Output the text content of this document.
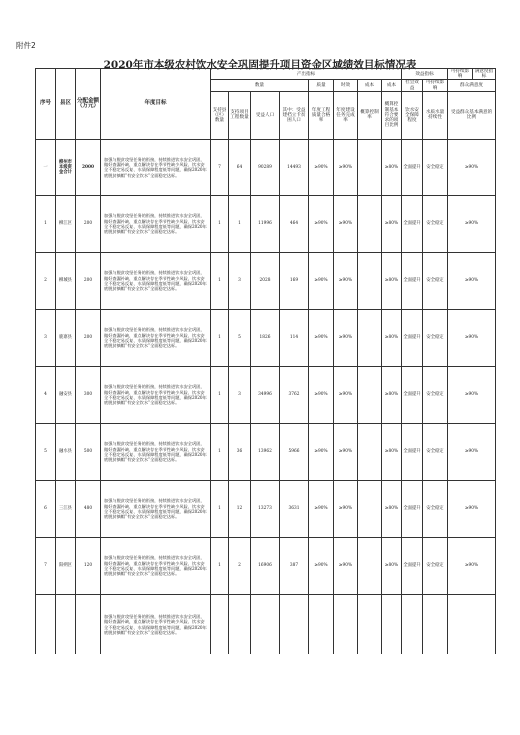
附件2
2020年市本级农村饮水安全巩固提升项目资金区域绩效目标情况表
序号	县区	分配金额（万元）	年度目标	产出指标								效益指标		可持续影响	满意度指标
				数量				质量	时效	成本	成本	社会效益	可持续影响	群众满意度	
				支持县（区）数量	支持项目工程数量	受益人口	其中：受益建档立卡贫困人口	年度工程质量合格率	年度建设任务完成率	概算控制率	概算控制基本符合要求的项目比例	饮水安全保障程度	水质水量持续性	受益群众基本满意的比例	
一	柳州市本级资金合计	2000	加强与脱贫攻坚任务的衔接，持续推进饮水安全巩固，做好查漏补缺，重点解决存在季节性缺少风险、饮水安全不稳定易反复、水质保障程度低等问题，确保2020年底脱贫摘帽“有安全饮水”全面稳定达标。	7	64	90289	14493	≥90%	≥90%		≥80%	全面提升	安全稳定	≥90%	
1	柳江区	200	加强与脱贫攻坚任务的衔接，持续推进饮水安全巩固，做好查漏补缺，重点解决存在季节性缺少风险、饮水安全不稳定易反复、水质保障程度低等问题，确保2020年底脱贫摘帽“有安全饮水”全面稳定达标。	1	1	11996	464	≥90%	≥90%		≥80%	全面提升	安全稳定	≥90%	
2	柳城县	200	加强与脱贫攻坚任务的衔接，持续推进饮水安全巩固，做好查漏补缺，重点解决存在季节性缺少风险、饮水安全不稳定易反复、水质保障程度低等问题，确保2020年底脱贫摘帽“有安全饮水”全面稳定达标。	1	3	2028	169	≥90%	≥90%		≥80%	全面提升	安全稳定	≥90%	
3	鹿寨县	200	加强与脱贫攻坚任务的衔接，持续推进饮水安全巩固，做好查漏补缺，重点解决存在季节性缺少风险、饮水安全不稳定易反复、水质保障程度低等问题，确保2020年底脱贫摘帽“有安全饮水”全面稳定达标。	1	5	1826	114	≥90%	≥90%		≥80%	全面提升	安全稳定	≥90%	
4	融安县	300	加强与脱贫攻坚任务的衔接，持续推进饮水安全巩固，做好查漏补缺，重点解决存在季节性缺少风险、饮水安全不稳定易反复、水质保障程度低等问题，确保2020年底脱贫摘帽“有安全饮水”全面稳定达标。	1	3	34996	3762	≥90%	≥90%		≥80%	全面提升	安全稳定	≥90%	
5	融水县	500	加强与脱贫攻坚任务的衔接，持续推进饮水安全巩固，做好查漏补缺，重点解决存在季节性缺少风险、饮水安全不稳定易反复、水质保障程度低等问题，确保2020年底脱贫摘帽“有安全饮水”全面稳定达标。	1	36	13962	5966	≥90%	≥90%		≥80%	全面提升	安全稳定	≥90%	
6	三江县	480	加强与脱贫攻坚任务的衔接，持续推进饮水安全巩固，做好查漏补缺，重点解决存在季节性缺少风险、饮水安全不稳定易反复、水质保障程度低等问题，确保2020年底脱贫摘帽“有安全饮水”全面稳定达标。	1	12	13273	3631	≥90%	≥90%		≥80%	全面提升	安全稳定	≥90%	
7	阳朔区	120	加强与脱贫攻坚任务的衔接，持续推进饮水安全巩固，做好查漏补缺，重点解决存在季节性缺少风险、饮水安全不稳定易反复、水质保障程度低等问题，确保2020年底脱贫摘帽“有安全饮水”全面稳定达标。	1	2	16906	387	≥90%	≥90%		≥80%	全面提升	安全稳定	≥90%	
			加强与脱贫攻坚任务的衔接，持续推进饮水安全巩固，做好查漏补缺，重点解决存在季节性缺少风险、饮水安全不稳定易反复、水质保障程度低等问题，确保2020年底脱贫摘帽“有安全饮水”全面稳定达标。												
